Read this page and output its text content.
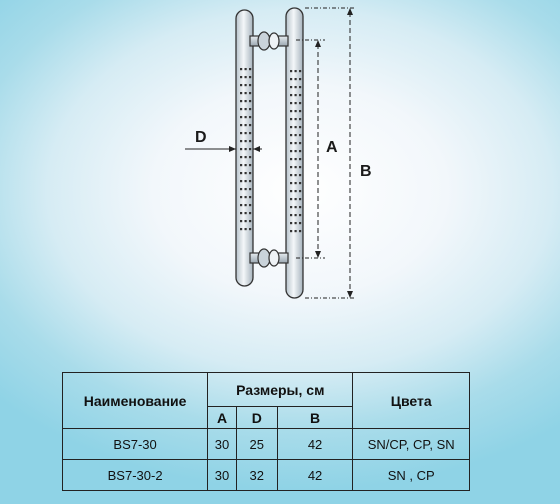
A
B
D
Наименование	Размеры, см			Цвета
	A	D	B	
BS7-30	30	25	42	SN/CP, CP, SN
BS7-30-2	30	32	42	SN , CP
